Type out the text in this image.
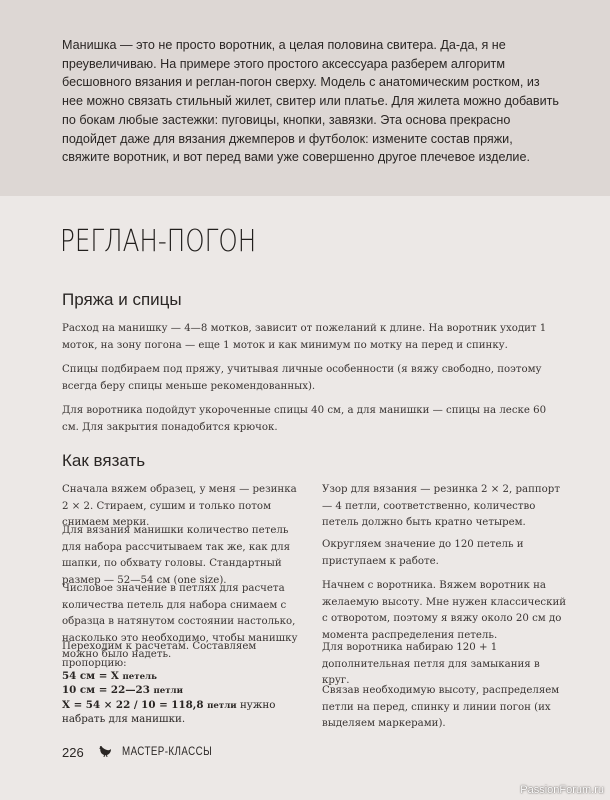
Манишка — это не просто воротник, а целая половина свитера. Да-да, я не преувеличиваю. На примере этого простого аксессуара разберем алгоритм бесшовного вязания и реглан-погон сверху. Модель с анатомическим ростком, из нее можно связать стильный жилет, свитер или платье. Для жилета можно добавить по бокам любые застежки: пуговицы, кнопки, завязки. Эта основа прекрасно подойдет даже для вязания джемперов и футболок: измените состав пряжи, свяжите воротник, и вот перед вами уже совершенно другое плечевое изделие.

РЕГЛАН-ПОГОН
Пряжа и спицы

Расход на манишку — 4—8 мотков, зависит от пожеланий к длине. На воротник уходит 1 моток, на зону погона — еще 1 моток и как минимум по мотку на перед и спинку.

Спицы подбираем под пряжу, учитывая личные особенности (я вяжу свободно, поэтому всегда беру спицы меньше рекомендованных).

Для воротника подойдут укороченные спицы 40 см, а для манишки — спицы на леске 60 см. Для закрытия понадобится крючок.

Как вязать

Сначала вяжем образец, у меня — резинка 2 × 2. Стираем, сушим и только потом снимаем мерки.

Для вязания манишки количество петель для набора рассчитываем так же, как для шапки, по обхвату головы. Стандартный размер — 52—54 см (one size).

Числовое значение в петлях для расчета количества петель для набора снимаем с образца в натянутом состоянии настолько, насколько это необходимо, чтобы манишку можно было надеть.

Переходим к расчетам. Составляем пропорцию:

54 см = X петель
10 см = 22—23 петли
X = 54 × 22 / 10 = 118,8 петли нужно набрать для манишки.

Узор для вязания — резинка 2 × 2, раппорт — 4 петли, соответственно, количество петель должно быть кратно четырем.

Округляем значение до 120 петель и приступаем к работе.

Начнем с воротника. Вяжем воротник на желаемую высоту. Мне нужен классический с отворотом, поэтому я вяжу около 20 см до момента распределения петель.

Для воротника набираю 120 + 1 дополнительная петля для замыкания в круг.

Связав необходимую высоту, распределяем петли на перед, спинку и линии погон (их выделяем маркерами).

226	МАСТЕР-КЛАССЫ
PassionForum.ru
